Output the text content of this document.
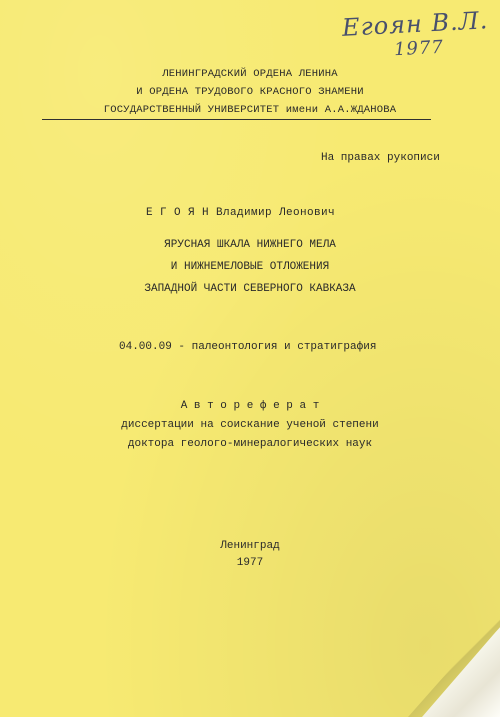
Егоян В.Л.
1977
ЛЕНИНГРАДСКИЙ ОРДЕНА ЛЕНИНА
И ОРДЕНА ТРУДОВОГО КРАСНОГО ЗНАМЕНИ
ГОСУДАРСТВЕННЫЙ УНИВЕРСИТЕТ имени А.А.ЖДАНОВА
На правах рукописи
Е Г О Я Н Владимир Леонович
ЯРУСНАЯ ШКАЛА НИЖНЕГО МЕЛА
И НИЖНЕМЕЛОВЫЕ ОТЛОЖЕНИЯ
ЗАПАДНОЙ ЧАСТИ СЕВЕРНОГО КАВКАЗА
04.00.09 - палеонтология и стратиграфия
А в т о р е ф е р а т
диссертации на соискание ученой степени
доктора геолого-минералогических наук
Ленинград
1977
